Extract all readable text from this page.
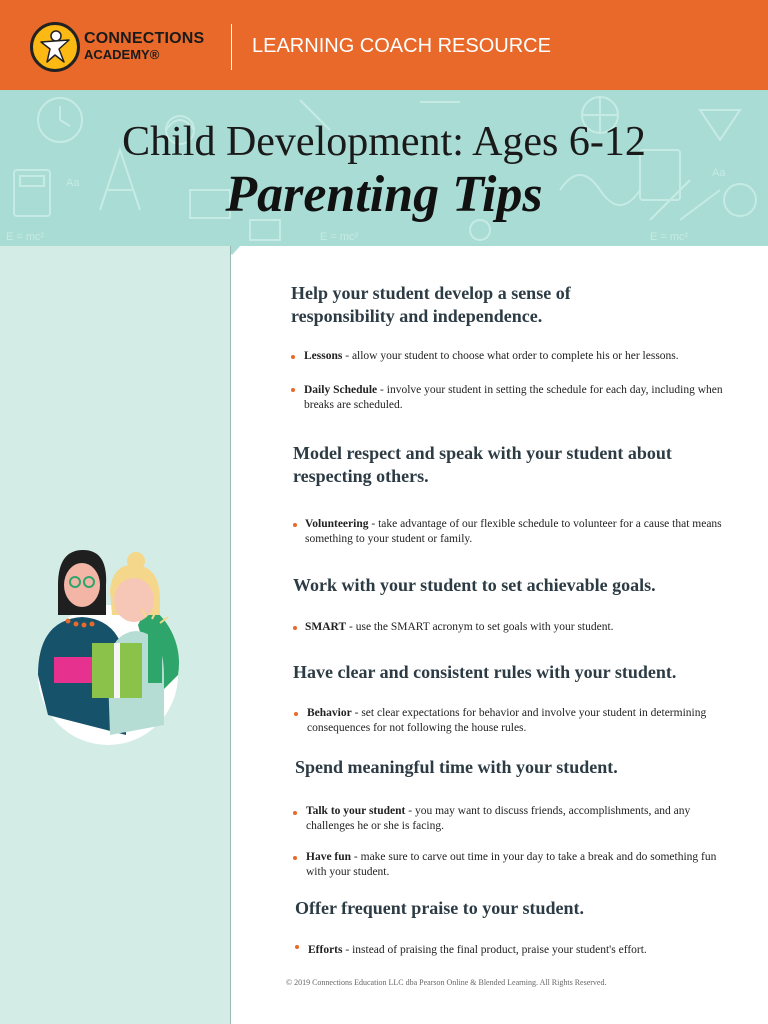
CONNECTIONS
ACADEMY®	LEARNING COACH RESOURCE
E = mc²	E = mc²	E = mc²
Aa
Aa
Child Development: Ages 6-12
Parenting Tips
Help your student develop a sense of responsibility and independence.
Lessons - allow your student to choose what order to complete his or her lessons.
Daily Schedule - involve your student in setting the schedule for each day, including when breaks are scheduled.
Model respect and speak with your student about respecting others.
Volunteering - take advantage of our flexible schedule to volunteer for a cause that means something to your student or family.
Work with your student to set achievable goals.
SMART - use the SMART acronym to set goals with your student.
Have clear and consistent rules with your student.
Behavior - set clear expectations for behavior and involve your student in determining consequences for not following the house rules.
Spend meaningful time with your student.
Talk to your student - you may want to discuss friends, accomplishments, and any challenges he or she is facing.
Have fun - make sure to carve out time in your day to take a break and do something fun with your student.
Offer frequent praise to your student.
Efforts - instead of praising the final product, praise your student's effort.
© 2019 Connections Education LLC dba Pearson Online & Blended Learning. All Rights Reserved.
